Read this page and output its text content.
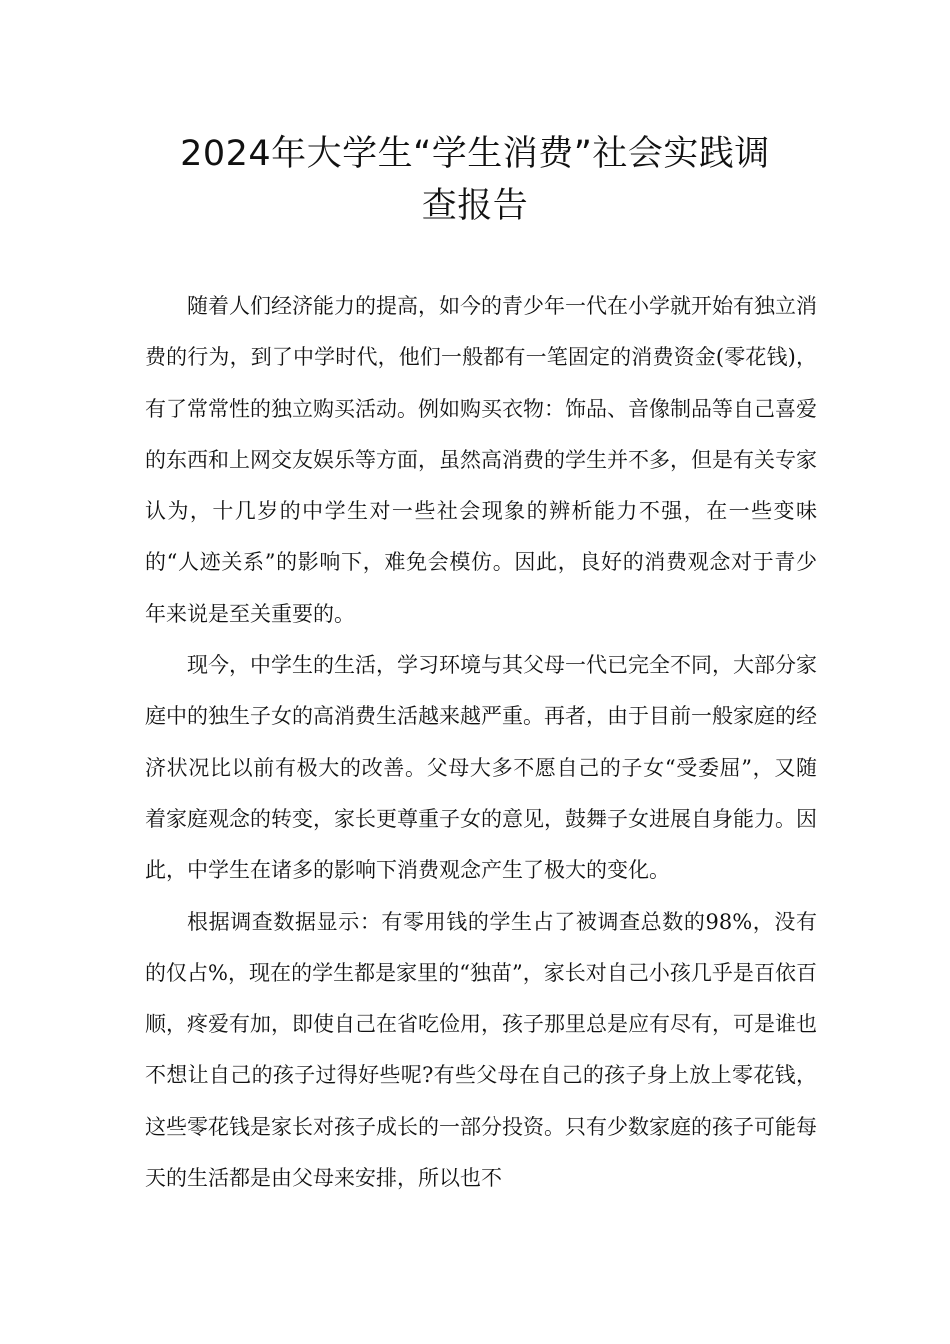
2024年大学生“学生消费”社会实践调
查报告

随着人们经济能力的提高，如今的青少年一代在小学就开始有独立消费的行为，到了中学时代，他们一般都有一笔固定的消费资金(零花钱)，有了常常性的独立购买活动。例如购买衣物：饰品、音像制品等自己喜爱的东西和上网交友娱乐等方面，虽然高消费的学生并不多，但是有关专家认为，十几岁的中学生对一些社会现象的辨析能力不强，在一些变味的“人迹关系”的影响下，难免会模仿。因此，良好的消费观念对于青少年来说是至关重要的。

现今，中学生的生活，学习环境与其父母一代已完全不同，大部分家庭中的独生子女的高消费生活越来越严重。再者，由于目前一般家庭的经济状况比以前有极大的改善。父母大多不愿自己的子女“受委屈”，又随着家庭观念的转变，家长更尊重子女的意见，鼓舞子女进展自身能力。因此，中学生在诸多的影响下消费观念产生了极大的变化。

根据调查数据显示：有零用钱的学生占了被调查总数的98%，没有的仅占%，现在的学生都是家里的“独苗”，家长对自己小孩几乎是百依百顺，疼爱有加，即使自己在省吃俭用，孩子那里总是应有尽有，可是谁也不想让自己的孩子过得好些呢?有些父母在自己的孩子身上放上零花钱，这些零花钱是家长对孩子成长的一部分投资。只有少数家庭的孩子可能每天的生活都是由父母来安排，所以也不
